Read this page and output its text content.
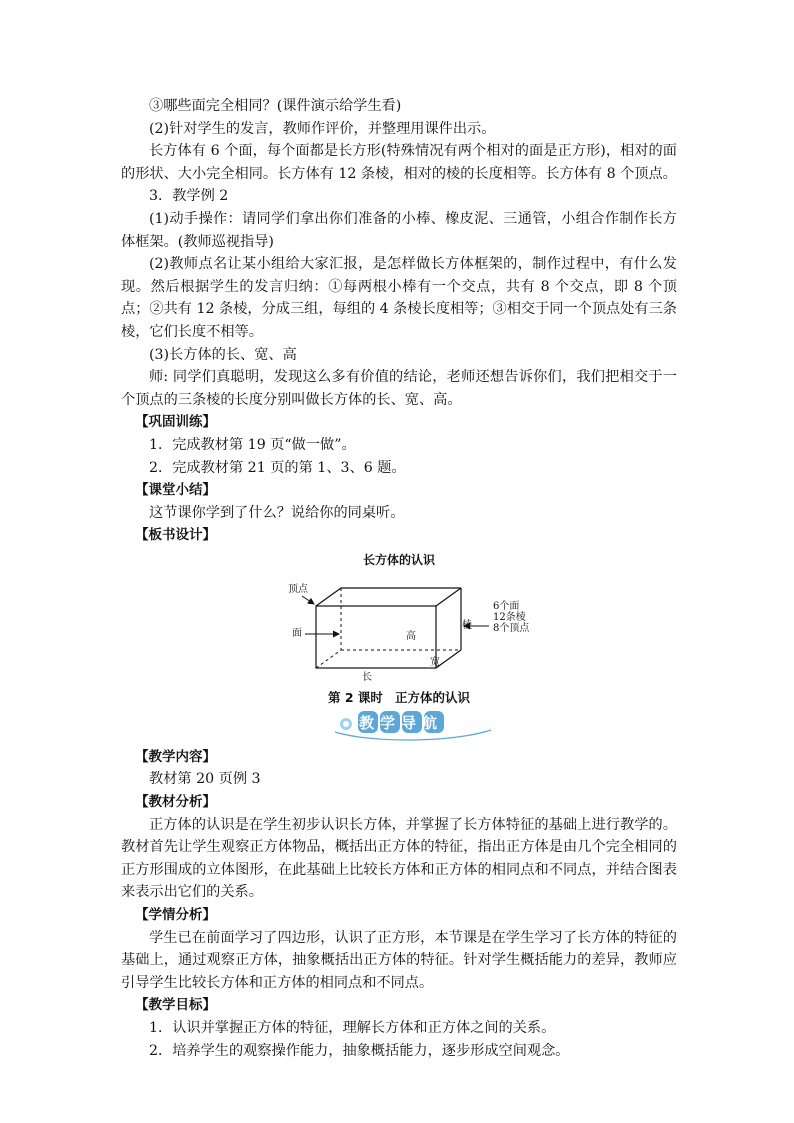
③哪些面完全相同？(课件演示给学生看)

(2)针对学生的发言，教师作评价，并整理用课件出示。

长方体有 6 个面，每个面都是长方形(特殊情况有两个相对的面是正方形)，相对的面的形状、大小完全相同。长方体有 12 条棱，相对的棱的长度相等。长方体有 8 个顶点。

3．教学例 2

(1)动手操作：请同学们拿出你们准备的小棒、橡皮泥、三通管，小组合作制作长方体框架。(教师巡视指导)

(2)教师点名让某小组给大家汇报，是怎样做长方体框架的，制作过程中，有什么发现。然后根据学生的发言归纳：①每两根小棒有一个交点，共有 8 个交点，即 8 个顶点；②共有 12 条棱，分成三组，每组的 4 条棱长度相等；③相交于同一个顶点处有三条棱，它们长度不相等。

(3)长方体的长、宽、高

师: 同学们真聪明，发现这么多有价值的结论，老师还想告诉你们，我们把相交于一个顶点的三条棱的长度分别叫做长方体的长、宽、高。

【巩固训练】

1．完成教材第 19 页“做一做”。

2．完成教材第 21 页的第 1、3、6 题。

【课堂小结】

这节课你学到了什么？说给你的同桌听。

【板书设计】

长方体的认识
顶点
面	高
棱
长
宽
6个面
12条棱
8个顶点
第 2 课时 正方体的认识
教学导航

【教学内容】

教材第 20 页例 3

【教材分析】

正方体的认识是在学生初步认识长方体，并掌握了长方体特征的基础上进行教学的。教材首先让学生观察正方体物品，概括出正方体的特征，指出正方体是由几个完全相同的正方形围成的立体图形，在此基础上比较长方体和正方体的相同点和不同点，并结合图表来表示出它们的关系。

【学情分析】

学生已在前面学习了四边形，认识了正方形，本节课是在学生学习了长方体的特征的基础上，通过观察正方体，抽象概括出正方体的特征。针对学生概括能力的差异，教师应引导学生比较长方体和正方体的相同点和不同点。

【教学目标】

1．认识并掌握正方体的特征，理解长方体和正方体之间的关系。

2．培养学生的观察操作能力，抽象概括能力，逐步形成空间观念。
